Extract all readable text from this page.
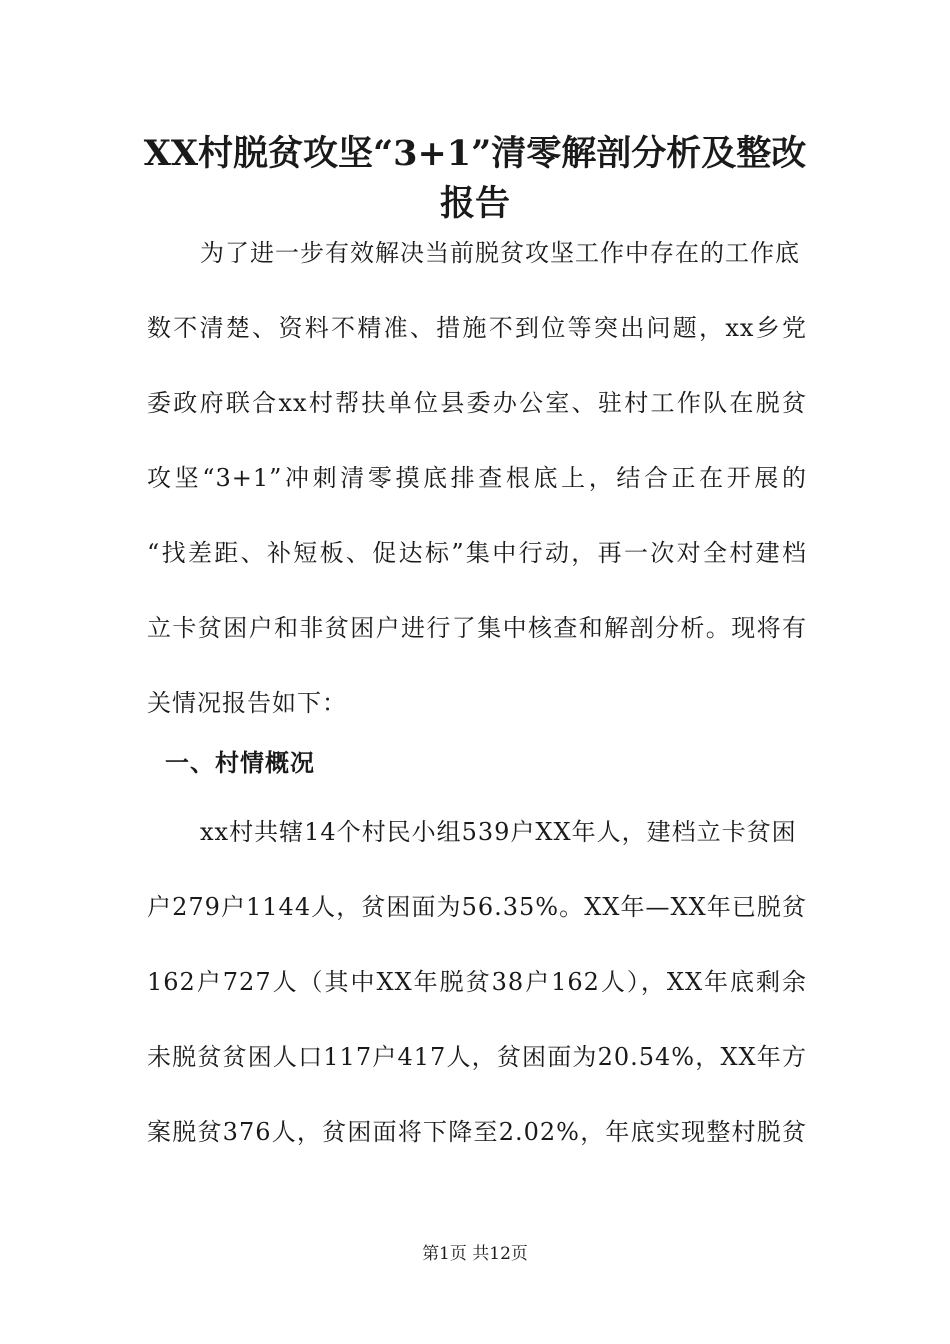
XX村脱贫攻坚“3+1”清零解剖分析及整改
报告
为了进一步有效解决当前脱贫攻坚工作中存在的工作底
数不清楚、资料不精准、措施不到位等突出问题，xx乡党
委政府联合xx村帮扶单位县委办公室、驻村工作队在脱贫
攻坚“3+1”冲刺清零摸底排查根底上，结合正在开展的
“找差距、补短板、促达标”集中行动，再一次对全村建档
立卡贫困户和非贫困户进行了集中核查和解剖分析。现将有
关情况报告如下：
一、村情概况
xx村共辖14个村民小组539户XX年人，建档立卡贫困
户279户1144人，贫困面为56.35%。XX年—XX年已脱贫
162户727人（其中XX年脱贫38户162人），XX年底剩余
未脱贫贫困人口117户417人，贫困面为20.54%，XX年方
案脱贫376人，贫困面将下降至2.02%，年底实现整村脱贫
第1页 共12页
